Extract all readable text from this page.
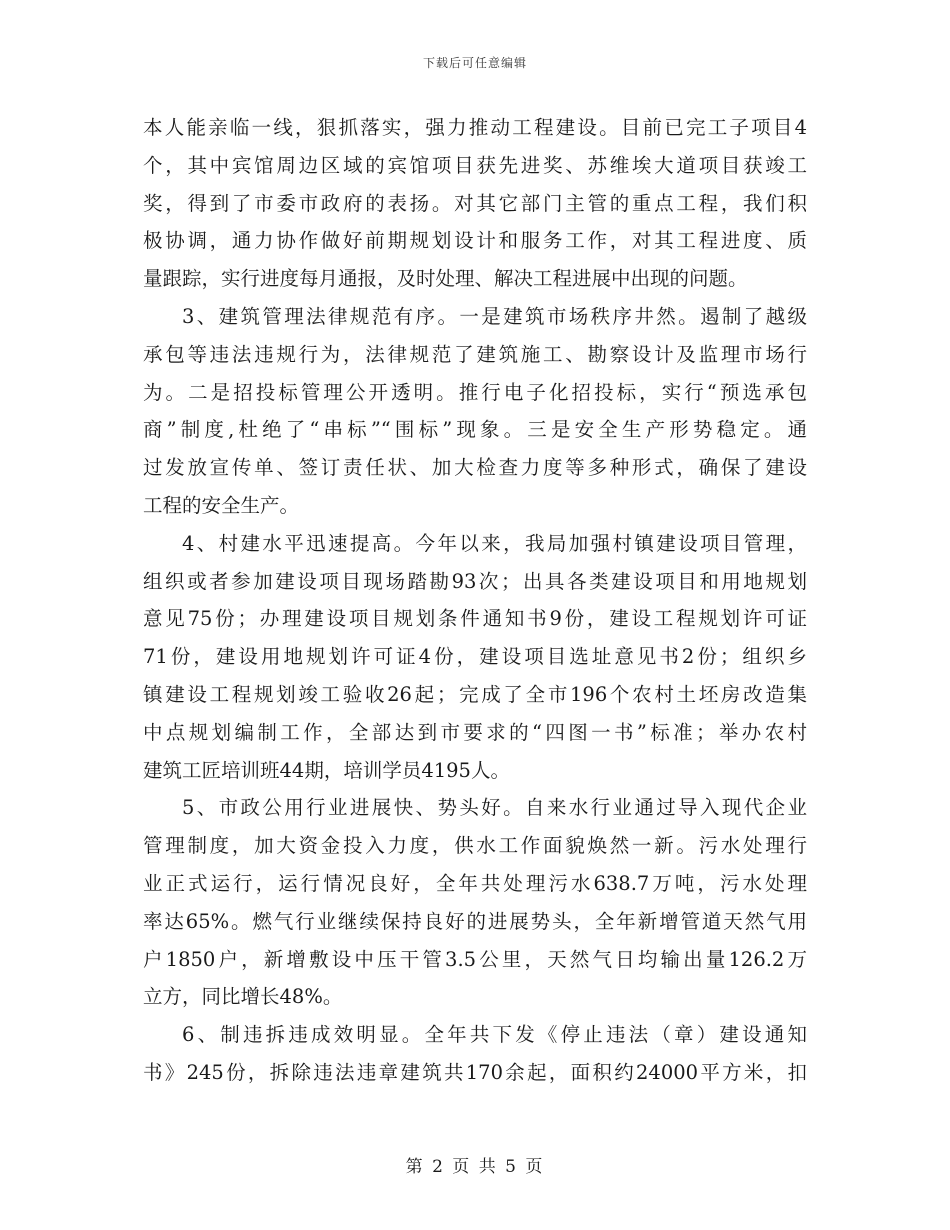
下载后可任意编辑
本人能亲临一线，狠抓落实，强力推动工程建设。目前已完工子项目4
个，其中宾馆周边区域的宾馆项目获先进奖、苏维埃大道项目获竣工
奖，得到了市委市政府的表扬。对其它部门主管的重点工程，我们积
极协调，通力协作做好前期规划设计和服务工作，对其工程进度、质
量跟踪，实行进度每月通报，及时处理、解决工程进展中出现的问题。
3、建筑管理法律规范有序。一是建筑市场秩序井然。遏制了越级
承包等违法违规行为，法律规范了建筑施工、勘察设计及监理市场行
为。二是招投标管理公开透明。推行电子化招投标，实行“预选承包
商”制度,杜绝了“串标”“围标”现象。三是安全生产形势稳定。通
过发放宣传单、签订责任状、加大检查力度等多种形式，确保了建设
工程的安全生产。
4、村建水平迅速提高。今年以来，我局加强村镇建设项目管理，
组织或者参加建设项目现场踏勘93次；出具各类建设项目和用地规划
意见75份；办理建设项目规划条件通知书9份，建设工程规划许可证
71份，建设用地规划许可证4份，建设项目选址意见书2份；组织乡
镇建设工程规划竣工验收26起；完成了全市196个农村土坯房改造集
中点规划编制工作，全部达到市要求的“四图一书”标准；举办农村
建筑工匠培训班44期，培训学员4195人。
5、市政公用行业进展快、势头好。自来水行业通过导入现代企业
管理制度，加大资金投入力度，供水工作面貌焕然一新。污水处理行
业正式运行，运行情况良好，全年共处理污水638.7万吨，污水处理
率达65%。燃气行业继续保持良好的进展势头，全年新增管道天然气用
户1850户，新增敷设中压干管3.5公里，天然气日均输出量126.2万
立方，同比增长48%。
6、制违拆违成效明显。全年共下发《停止违法（章）建设通知
书》245份，拆除违法违章建筑共170余起，面积约24000平方米，扣
第 2 页 共 5 页
